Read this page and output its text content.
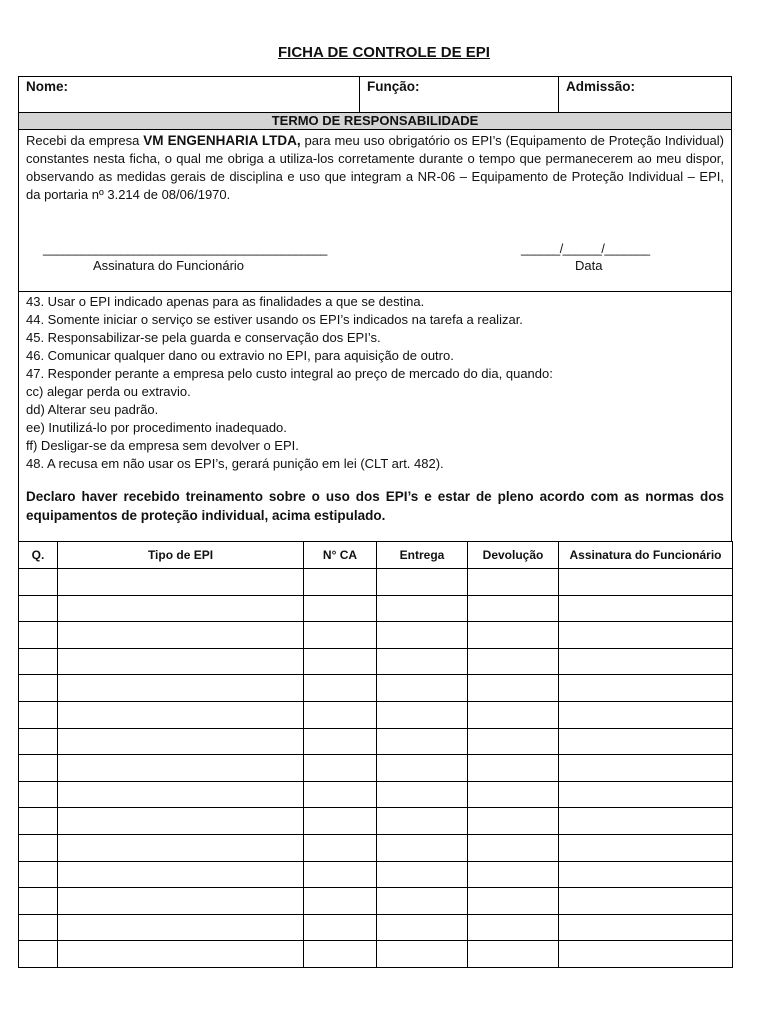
FICHA DE CONTROLE DE EPI
Nome:	Função:	Admissão:
TERMO DE RESPONSABILIDADE
Recebi da empresa VM ENGENHARIA LTDA, para meu uso obrigatório os EPI’s (Equipamento de Proteção Individual) constantes nesta ficha, o qual me obriga a utiliza-los corretamente durante o tempo que permanecerem ao meu dispor, observando as medidas gerais de disciplina e uso que integram a NR-06 – Equipamento de Proteção Individual – EPI, da portaria nº 3.214 de 08/06/1970.
____________________________________________
Assinatura do Funcionário
______/______/_______
Data
43. Usar o EPI indicado apenas para as finalidades a que se destina.
44. Somente iniciar o serviço se estiver usando os EPI’s indicados na tarefa a realizar.
45. Responsabilizar-se pela guarda e conservação dos EPI’s.
46. Comunicar qualquer dano ou extravio no EPI, para aquisição de outro.
47. Responder perante a empresa pelo custo integral ao preço de mercado do dia, quando:
cc) alegar perda ou extravio.
dd) Alterar seu padrão.
ee) Inutilizá-lo por procedimento inadequado.
ff) Desligar-se da empresa sem devolver o EPI.
48. A recusa em não usar os EPI’s, gerará punição em lei (CLT art. 482).
Declaro haver recebido treinamento sobre o uso dos EPI’s e estar de pleno acordo com as normas dos equipamentos de proteção individual, acima estipulado.
Q.	Tipo de EPI	N° CA	Entrega	Devolução	Assinatura do Funcionário
